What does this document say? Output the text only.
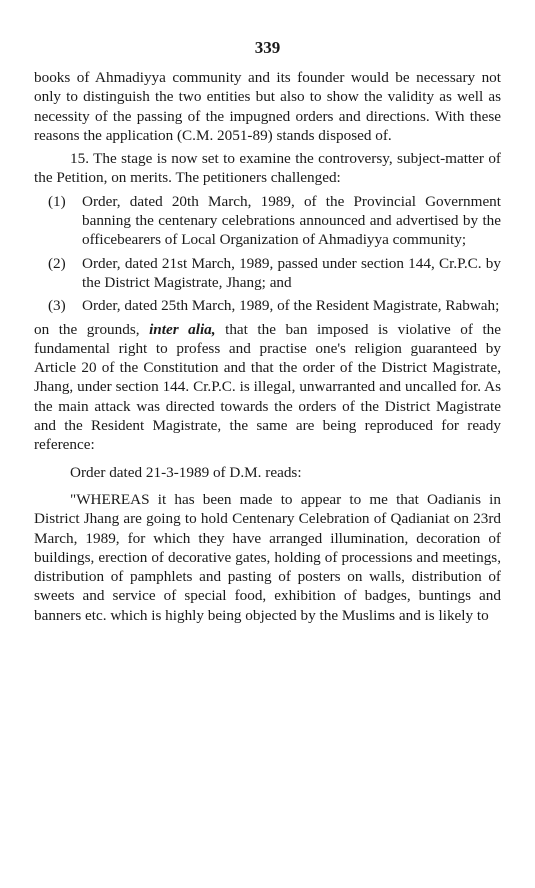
339

books of Ahmadiyya community and its founder would be necessary not only to distinguish the two entities but also to show the validity as well as necessity of the passing of the impugned orders and directions. With these reasons the application (C.M. 2051-89) stands disposed of.

15. The stage is now set to examine the controversy, subject-matter of the Petition, on merits. The petitioners challenged:

(1)	Order, dated 20th March, 1989, of the Provincial Government banning the centenary celebrations announced and advertised by the officebearers of Local Organization of Ahmadiyya community;
(2)	Order, dated 21st March, 1989, passed under section 144, Cr.P.C. by the District Magistrate, Jhang; and
(3)	Order, dated 25th March, 1989, of the Resident Magistrate, Rabwah;

on the grounds, inter alia, that the ban imposed is violative of the fundamental right to profess and practise one's religion guaranteed by Article 20 of the Constitution and that the order of the District Magistrate, Jhang, under section 144. Cr.P.C. is illegal, unwarranted and uncalled for. As the main attack was directed towards the orders of the District Magistrate and the Resident Magistrate, the same are being reproduced for ready reference:

Order dated 21-3-1989 of D.M. reads:

"WHEREAS it has been made to appear to me that Oadianis in District Jhang are going to hold Centenary Celebration of Qadianiat on 23rd March, 1989, for which they have arranged illumination, decoration of buildings, erection of decorative gates, holding of processions and meetings, distribution of pamphlets and pasting of posters on walls, distribution of sweets and service of special food, exhibition of badges, buntings and banners etc. which is highly being objected by the Muslims and is likely to
